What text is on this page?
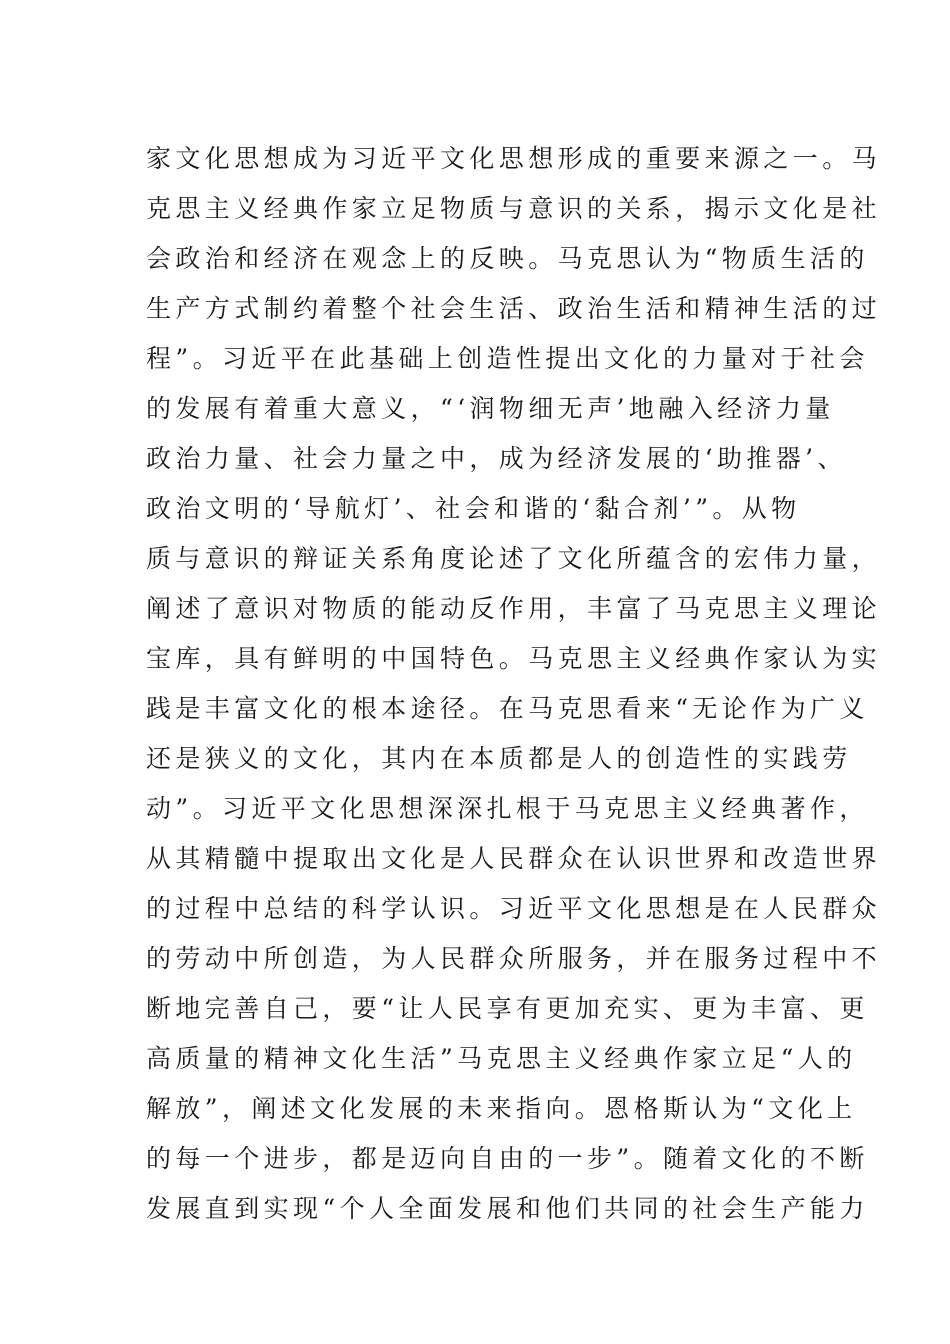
家文化思想成为习近平文化思想形成的重要来源之一。马
克思主义经典作家立足物质与意识的关系，揭示文化是社
会政治和经济在观念上的反映。马克思认为“物质生活的
生产方式制约着整个社会生活、政治生活和精神生活的过
程”。习近平在此基础上创造性提出文化的力量对于社会
的发展有着重大意义，“‘润物细无声’地融入经济力量
政治力量、社会力量之中，成为经济发展的‘助推器’、
政治文明的‘导航灯’、社会和谐的‘黏合剂’”。从物
质与意识的辩证关系角度论述了文化所蕴含的宏伟力量，
阐述了意识对物质的能动反作用，丰富了马克思主义理论
宝库，具有鲜明的中国特色。马克思主义经典作家认为实
践是丰富文化的根本途径。在马克思看来“无论作为广义
还是狭义的文化，其内在本质都是人的创造性的实践劳
动”。习近平文化思想深深扎根于马克思主义经典著作，
从其精髓中提取出文化是人民群众在认识世界和改造世界
的过程中总结的科学认识。习近平文化思想是在人民群众
的劳动中所创造，为人民群众所服务，并在服务过程中不
断地完善自己，要“让人民享有更加充实、更为丰富、更
高质量的精神文化生活”马克思主义经典作家立足“人的
解放”，阐述文化发展的未来指向。恩格斯认为“文化上
的每一个进步，都是迈向自由的一步”。随着文化的不断
发展直到实现“个人全面发展和他们共同的社会生产能力
